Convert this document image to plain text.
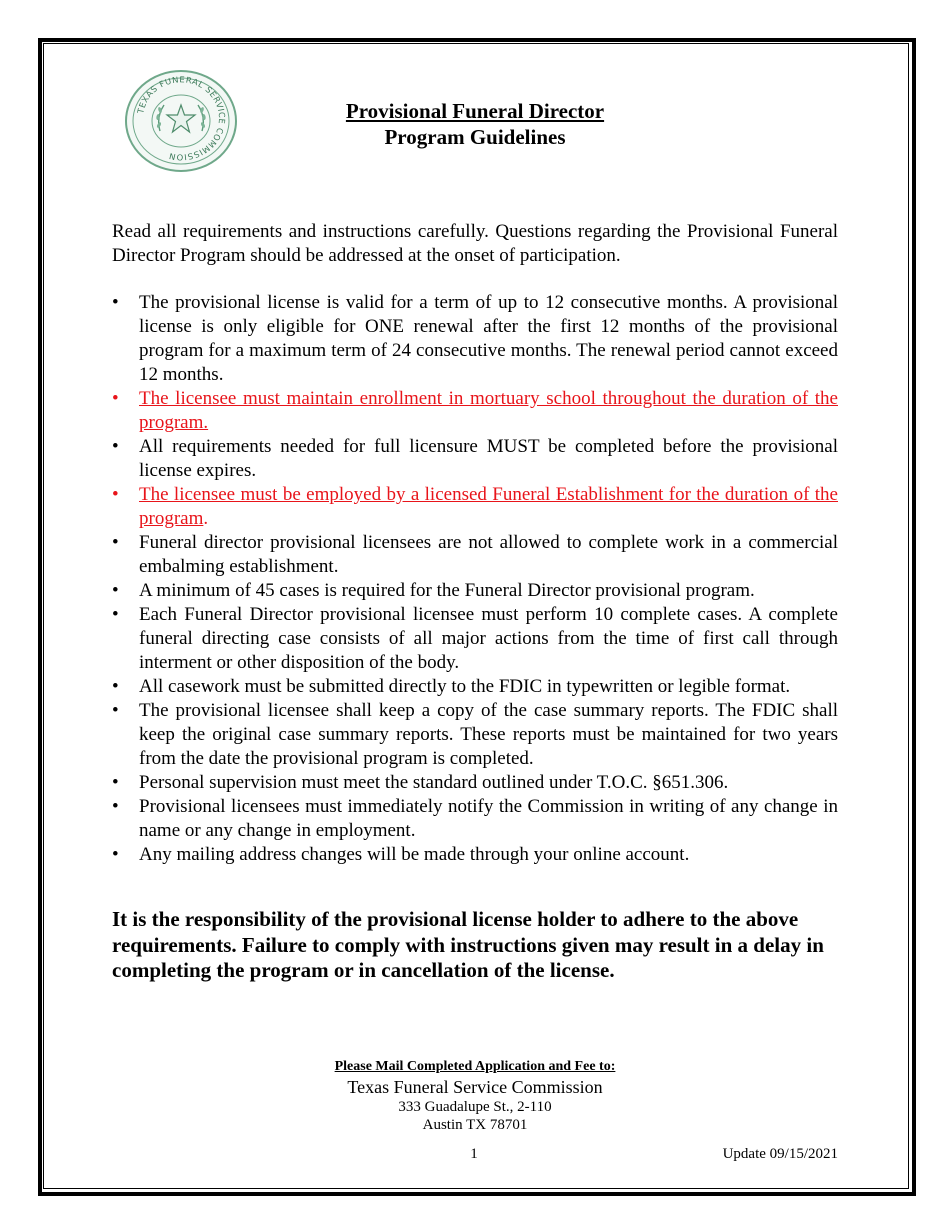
TEXAS FUNERAL SERVICE COMMISSION
Provisional Funeral Director
Program Guidelines

Read all requirements and instructions carefully. Questions regarding the Provisional Funeral Director Program should be addressed at the onset of participation.

•	The provisional license is valid for a term of up to 12 consecutive months. A provisional license is only eligible for ONE renewal after the first 12 months of the provisional program for a maximum term of 24 consecutive months. The renewal period cannot exceed 12 months.
•	The licensee must maintain enrollment in mortuary school throughout the duration of the program.
•	All requirements needed for full licensure MUST be completed before the provisional license expires.
•	The licensee must be employed by a licensed Funeral Establishment for the duration of the program.
•	Funeral director provisional licensees are not allowed to complete work in a commercial embalming establishment.
•	A minimum of 45 cases is required for the Funeral Director provisional program.
•	Each Funeral Director provisional licensee must perform 10 complete cases. A complete funeral directing case consists of all major actions from the time of first call through interment or other disposition of the body.
•	All casework must be submitted directly to the FDIC in typewritten or legible format.
•	The provisional licensee shall keep a copy of the case summary reports. The FDIC shall keep the original case summary reports. These reports must be maintained for two years from the date the provisional program is completed.
•	Personal supervision must meet the standard outlined under T.O.C. §651.306.
•	Provisional licensees must immediately notify the Commission in writing of any change in name or any change in employment.
•	Any mailing address changes will be made through your online account.

It is the responsibility of the provisional license holder to adhere to the above requirements. Failure to comply with instructions given may result in a delay in completing the program or in cancellation of the license.

Please Mail Completed Application and Fee to:
Texas Funeral Service Commission
333 Guadalupe St., 2-110
Austin TX 78701
1	Update 09/15/2021
